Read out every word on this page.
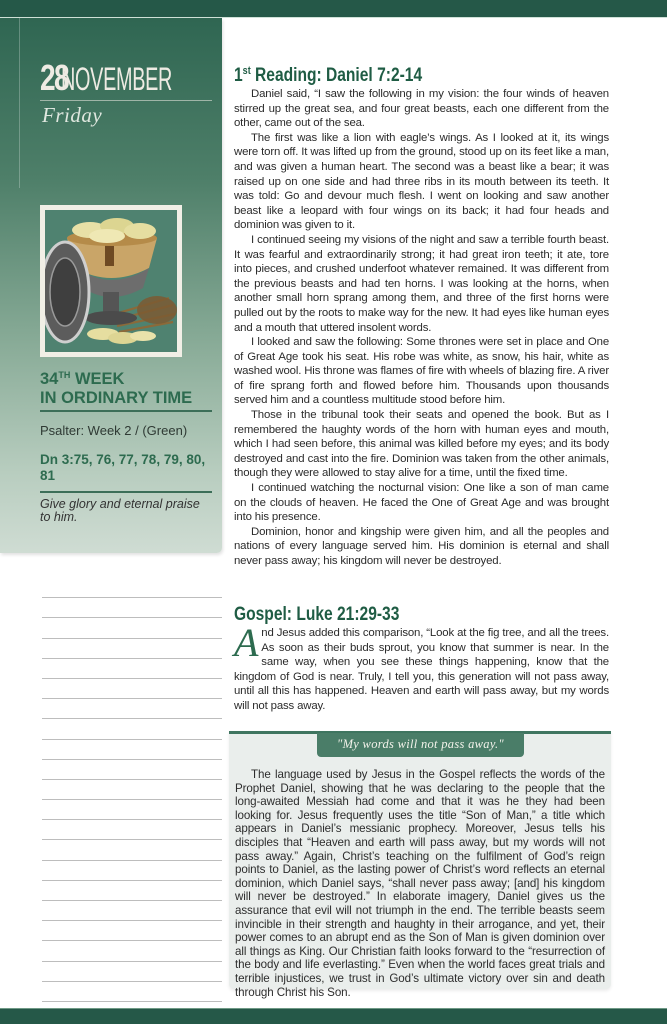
28
NOVEMBER
Friday
34TH WEEK
IN ORDINARY TIME
Psalter: Week 2 / (Green)
Dn 3:75, 76, 77, 78, 79, 80, 81
Give glory and eternal praise to him.
1st Reading: Daniel 7:2-14

Daniel said, “I saw the following in my vision: the four winds of heaven stirred up the great sea, and four great beasts, each one different from the other, came out of the sea.

The first was like a lion with eagle’s wings. As I looked at it, its wings were torn off. It was lifted up from the ground, stood up on its feet like a man, and was given a human heart. The second was a beast like a bear; it was raised up on one side and had three ribs in its mouth between its teeth. It was told: Go and devour much flesh. I went on looking and saw another beast like a leopard with four wings on its back; it had four heads and dominion was given to it.

I continued seeing my visions of the night and saw a terrible fourth beast. It was fearful and extraordinarily strong; it had great iron teeth; it ate, tore into pieces, and crushed underfoot whatever remained. It was different from the previous beasts and had ten horns. I was looking at the horns, when another small horn sprang among them, and three of the first horns were pulled out by the roots to make way for the new. It had eyes like human eyes and a mouth that uttered insolent words.

I looked and saw the following: Some thrones were set in place and One of Great Age took his seat. His robe was white, as snow, his hair, white as washed wool. His throne was flames of fire with wheels of blazing fire. A river of fire sprang forth and flowed before him. Thousands upon thousands served him and a countless multitude stood before him.

Those in the tribunal took their seats and opened the book. But as I remembered the haughty words of the horn with human eyes and mouth, which I had seen before, this animal was killed before my eyes; and its body destroyed and cast into the fire. Dominion was taken from the other animals, though they were allowed to stay alive for a time, until the fixed time.

I continued watching the nocturnal vision: One like a son of man came on the clouds of heaven. He faced the One of Great Age and was brought into his presence.

Dominion, honor and kingship were given him, and all the peoples and nations of every language served him. His dominion is eternal and shall never pass away; his kingdom will never be destroyed.

Gospel: Luke 21:29-33
And Jesus added this comparison, “Look at the fig tree, and all the trees. As soon as their buds sprout, you know that summer is near. In the same way, when you see these things happening, know that the kingdom of God is near. Truly, I tell you, this generation will not pass away, until all this has happened. Heaven and earth will pass away, but my words will not pass away.
"My words will not pass away."

The language used by Jesus in the Gospel reflects the words of the Prophet Daniel, showing that he was declaring to the people that the long-awaited Messiah had come and that it was he they had been looking for. Jesus frequently uses the title “Son of Man,” a title which appears in Daniel’s messianic prophecy. Moreover, Jesus tells his disciples that “Heaven and earth will pass away, but my words will not pass away.” Again, Christ’s teaching on the fulfilment of God’s reign points to Daniel, as the lasting power of Christ’s word reflects an eternal dominion, which Daniel says, “shall never pass away; [and] his kingdom will never be destroyed.” In elaborate imagery, Daniel gives us the assurance that evil will not triumph in the end. The terrible beasts seem invincible in their strength and haughty in their arrogance, and yet, their power comes to an abrupt end as the Son of Man is given dominion over all things as King. Our Christian faith looks forward to the “resurrection of the body and life everlasting.” Even when the world faces great trials and terrible injustices, we trust in God’s ultimate victory over sin and death through Christ his Son.
